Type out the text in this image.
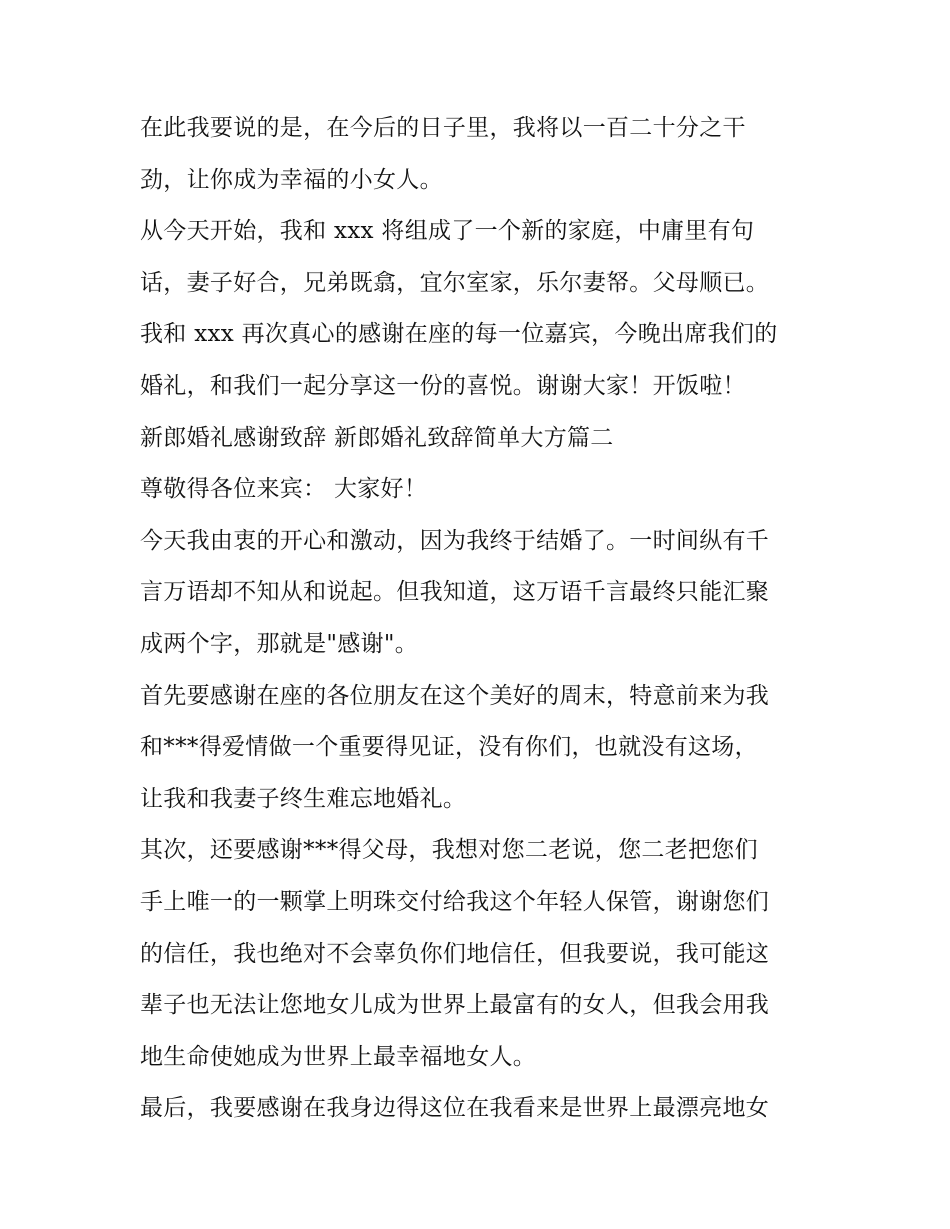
在此我要说的是，在今后的日子里，我将以一百二十分之干
劲，让你成为幸福的小女人。
从今天开始，我和 xxx 将组成了一个新的家庭，中庸里有句
话，妻子好合，兄弟既翕，宜尔室家，乐尔妻帑。父母顺已。
我和 xxx 再次真心的感谢在座的每一位嘉宾，今晚出席我们的
婚礼，和我们一起分享这一份的喜悦。谢谢大家！开饭啦！
新郎婚礼感谢致辞 新郎婚礼致辞简单大方篇二
尊敬得各位来宾： 大家好！
今天我由衷的开心和激动，因为我终于结婚了。一时间纵有千
言万语却不知从和说起。但我知道，这万语千言最终只能汇聚
成两个字，那就是"感谢"。
首先要感谢在座的各位朋友在这个美好的周末，特意前来为我
和***得爱情做一个重要得见证，没有你们，也就没有这场，
让我和我妻子终生难忘地婚礼。
其次，还要感谢***得父母，我想对您二老说，您二老把您们
手上唯一的一颗掌上明珠交付给我这个年轻人保管，谢谢您们
的信任，我也绝对不会辜负你们地信任，但我要说，我可能这
辈子也无法让您地女儿成为世界上最富有的女人，但我会用我
地生命使她成为世界上最幸福地女人。
最后，我要感谢在我身边得这位在我看来是世界上最漂亮地女
